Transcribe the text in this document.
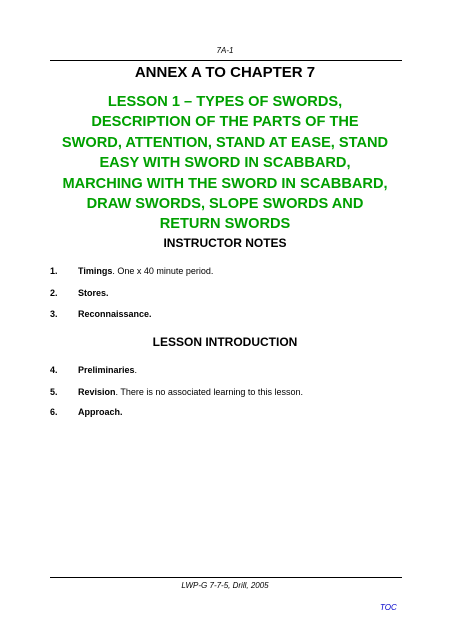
7A-1
ANNEX A TO CHAPTER 7

LESSON 1 – TYPES OF SWORDS, DESCRIPTION OF THE PARTS OF THE SWORD, ATTENTION, STAND AT EASE, STAND EASY WITH SWORD IN SCABBARD, MARCHING WITH THE SWORD IN SCABBARD, DRAW SWORDS, SLOPE SWORDS AND RETURN SWORDS

INSTRUCTOR NOTES
1. Timings. One x 40 minute period.
2. Stores.
3. Reconnaissance.
LESSON INTRODUCTION
4. Preliminaries.
5. Revision. There is no associated learning to this lesson.
6. Approach.
LWP-G 7-7-5, Drill, 2005
TOC
